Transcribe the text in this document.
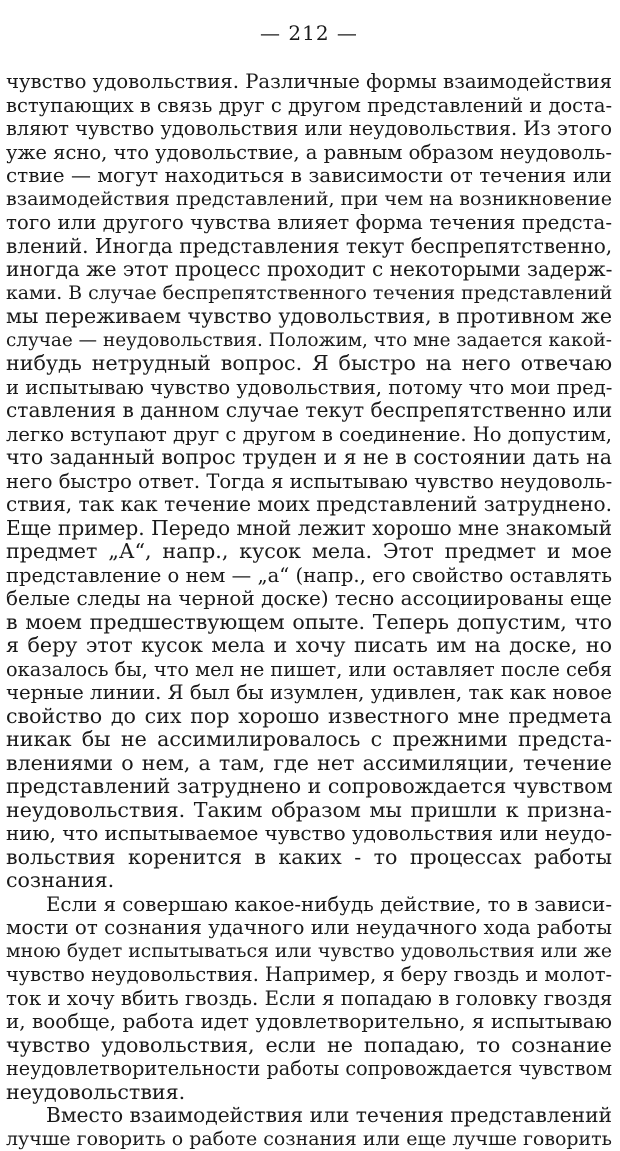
— 212 —
чувство удовольствия. Различные формы взаимодействия
вступающих в связь друг с другом представлений и доста-
вляют чувство удовольствия или неудовольствия. Из этого
уже ясно, что удовольствие, а равным образом неудоволь-
ствие — могут находиться в зависимости от течения или
взаимодействия представлений, при чем на возникновение
того или другого чувства влияет форма течения предста-
влений. Иногда представления текут беспрепятственно,
иногда же этот процесс проходит с некоторыми задерж-
ками. В случае беспрепятственного течения представлений
мы переживаем чувство удовольствия, в противном же
случае — неудовольствия. Положим, что мне задается какой-
нибудь нетрудный вопрос. Я быстро на него отвечаю
и испытываю чувство удовольствия, потому что мои пред-
ставления в данном случае текут беспрепятственно или
легко вступают друг с другом в соединение. Но допустим,
что заданный вопрос труден и я не в состоянии дать на
него быстро ответ. Тогда я испытываю чувство неудоволь-
ствия, так как течение моих представлений затруднено.
Еще пример. Передо мной лежит хорошо мне знакомый
предмет „А“, напр., кусок мела. Этот предмет и мое
представление о нем — „а“ (напр., его свойство оставлять
белые следы на черной доске) тесно ассоциированы еще
в моем предшествующем опыте. Теперь допустим, что
я беру этот кусок мела и хочу писать им на доске, но
оказалось бы, что мел не пишет, или оставляет после себя
черные линии. Я был бы изумлен, удивлен, так как новое
свойство до сих пор хорошо известного мне предмета
никак бы не ассимилировалось с прежними предста-
влениями о нем, а там, где нет ассимиляции, течение
представлений затруднено и сопровождается чувством
неудовольствия. Таким образом мы пришли к призна-
нию, что испытываемое чувство удовольствия или неудо-
вольствия коренится в каких - то процессах работы
сознания.
Если я совершаю какое-нибудь действие, то в зависи-
мости от сознания удачного или неудачного хода работы
мною будет испытываться или чувство удовольствия или же
чувство неудовольствия. Например, я беру гвоздь и молот-
ток и хочу вбить гвоздь. Если я попадаю в головку гвоздя
и, вообще, работа идет удовлетворительно, я испытываю
чувство удовольствия, если не попадаю, то сознание
неудовлетворительности работы сопровождается чувством
неудовольствия.
Вместо взаимодействия или течения представлений
лучше говорить о работе сознания или еще лучше говорить
